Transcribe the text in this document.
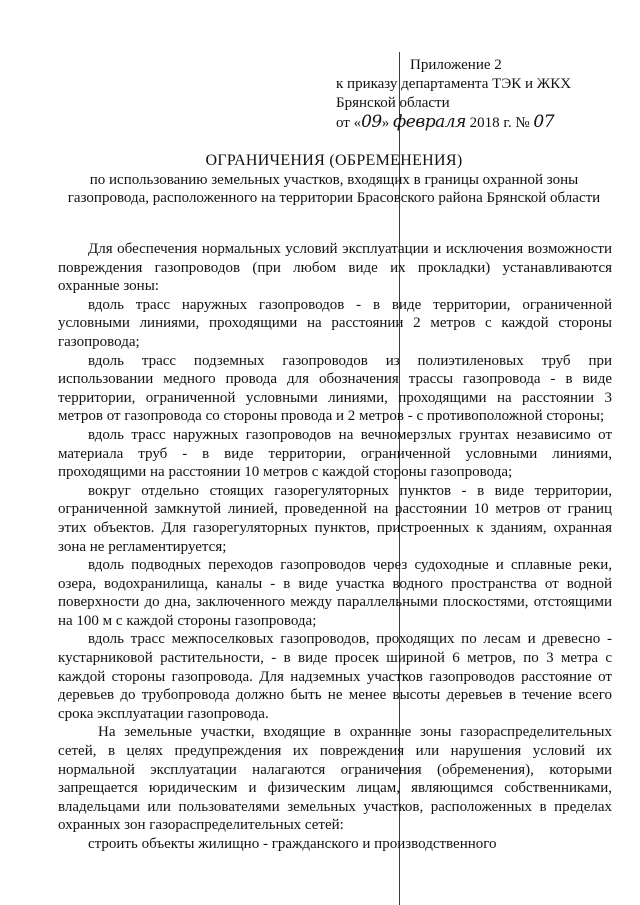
Приложение 2
к приказу департамента ТЭК и ЖКХ
Брянской области
от «09» февраля 2018 г. № 07
ОГРАНИЧЕНИЯ (ОБРЕМЕНЕНИЯ)
по использованию земельных участков, входящих в границы охранной зоны газопровода, расположенного на территории Брасовского района Брянской области

Для обеспечения нормальных условий эксплуатации и исключения возможности повреждения газопроводов (при любом виде их прокладки) устанавливаются охранные зоны:

вдоль трасс наружных газопроводов - в виде территории, ограниченной условными линиями, проходящими на расстоянии 2 метров с каждой стороны газопровода;

вдоль трасс подземных газопроводов из полиэтиленовых труб при использовании медного провода для обозначения трассы газопровода - в виде территории, ограниченной условными линиями, проходящими на расстоянии 3 метров от газопровода со стороны провода и 2 метров - с противоположной стороны;

вдоль трасс наружных газопроводов на вечномерзлых грунтах независимо от материала труб - в виде территории, ограниченной условными линиями, проходящими на расстоянии 10 метров с каждой стороны газопровода;

вокруг отдельно стоящих газорегуляторных пунктов - в виде территории, ограниченной замкнутой линией, проведенной на расстоянии 10 метров от границ этих объектов. Для газорегуляторных пунктов, пристроенных к зданиям, охранная зона не регламентируется;

вдоль подводных переходов газопроводов через судоходные и сплавные реки, озера, водохранилища, каналы - в виде участка водного пространства от водной поверхности до дна, заключенного между параллельными плоскостями, отстоящими на 100 м с каждой стороны газопровода;

вдоль трасс межпоселковых газопроводов, проходящих по лесам и древесно - кустарниковой растительности, - в виде просек шириной 6 метров, по 3 метра с каждой стороны газопровода. Для надземных участков газопроводов расстояние от деревьев до трубопровода должно быть не менее высоты деревьев в течение всего срока эксплуатации газопровода.

На земельные участки, входящие в охранные зоны газораспределительных сетей, в целях предупреждения их повреждения или нарушения условий их нормальной эксплуатации налагаются ограничения (обременения), которыми запрещается юридическим и физическим лицам, являющимся собственниками, владельцами или пользователями земельных участков, расположенных в пределах охранных зон газораспределительных сетей:

строить объекты жилищно - гражданского и производственного
